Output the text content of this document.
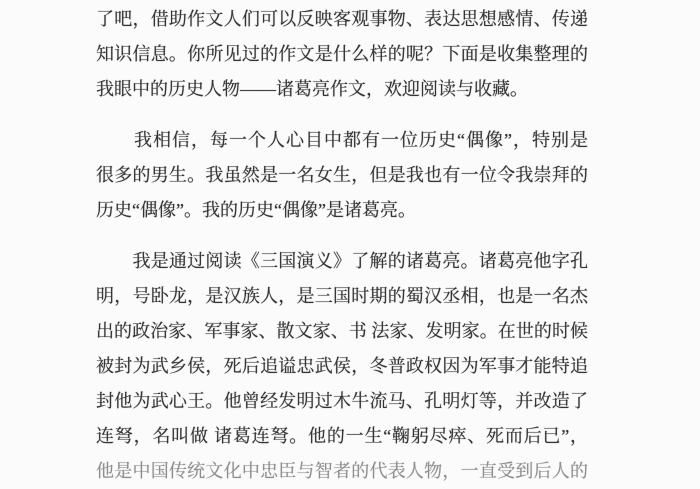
了吧，借助作文人们可以反映客观事物、表达思想感情、传递
知识信息。你所见过的作文是什么样的呢？下面是收集整理的
我眼中的历史人物——诸葛亮作文，欢迎阅读与收藏。
　　我相信，每一个人心目中都有一位历史“偶像”，特别是
很多的男生。我虽然是一名女生，但是我也有一位令我崇拜的
历史“偶像”。我的历史“偶像”是诸葛亮。
　　我是通过阅读《三国演义》了解的诸葛亮。诸葛亮他字孔
明，号卧龙，是汉族人，是三国时期的蜀汉丞相，也是一名杰
出的政治家、军事家、散文家、书 法家、发明家。在世的时候
被封为武乡侯，死后追谥忠武侯，冬普政权因为军事才能特追
封他为武心王。他曾经发明过木牛流马、孔明灯等，并改造了
连弩，名叫做 诸葛连弩。他的一生“鞠躬尽瘁、死而后已”，
他是中国传统文化中忠臣与智者的代表人物，一直受到后人的
